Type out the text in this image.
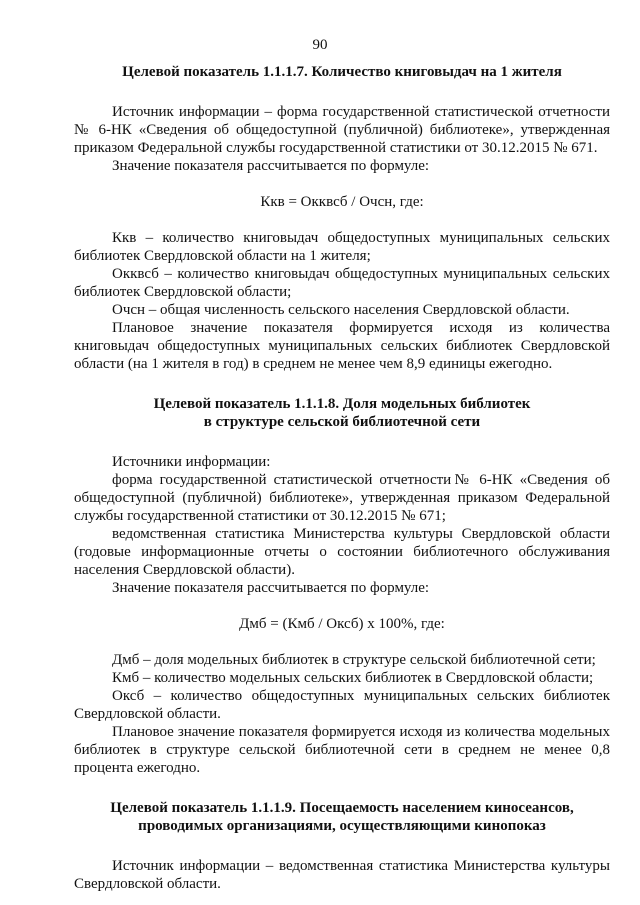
90
Целевой показатель 1.1.1.7. Количество книговыдач на 1 жителя

Источник информации – форма государственной статистической отчетности № 6-НК «Сведения об общедоступной (публичной) библиотеке», утвержденная приказом Федеральной службы государственной статистики от 30.12.2015 № 671.

Значение показателя рассчитывается по формуле:

Ккв = Окквсб / Очсн, где:

Ккв – количество книговыдач общедоступных муниципальных сельских библиотек Свердловской области на 1 жителя;

Окквсб – количество книговыдач общедоступных муниципальных сельских библиотек Свердловской области;

Очсн – общая численность сельского населения Свердловской области.

Плановое значение показателя формируется исходя из количества книговыдач общедоступных муниципальных сельских библиотек Свердловской области (на 1 жителя в год) в среднем не менее чем 8,9 единицы ежегодно.

Целевой показатель 1.1.1.8. Доля модельных библиотек
в структуре сельской библиотечной сети

Источники информации:

форма государственной статистической отчетности№ 6-НК «Сведения об общедоступной (публичной) библиотеке», утвержденная приказом Федеральной службы государственной статистики от 30.12.2015 № 671;

ведомственная статистика Министерства культуры Свердловской области (годовые информационные отчеты о состоянии библиотечного обслуживания населения Свердловской области).

Значение показателя рассчитывается по формуле:

Дмб = (Кмб / Оксб) х 100%, где:

Дмб – доля модельных библиотек в структуре сельской библиотечной сети;

Кмб – количество модельных сельских библиотек в Свердловской области;

Оксб – количество общедоступных муниципальных сельских библиотек Свердловской области.

Плановое значение показателя формируется исходя из количества модельных библиотек в структуре сельской библиотечной сети в среднем не менее 0,8 процента ежегодно.

Целевой показатель 1.1.1.9. Посещаемость населением киносеансов,
проводимых организациями, осуществляющими кинопоказ

Источник информации – ведомственная статистика Министерства культуры Свердловской области.
